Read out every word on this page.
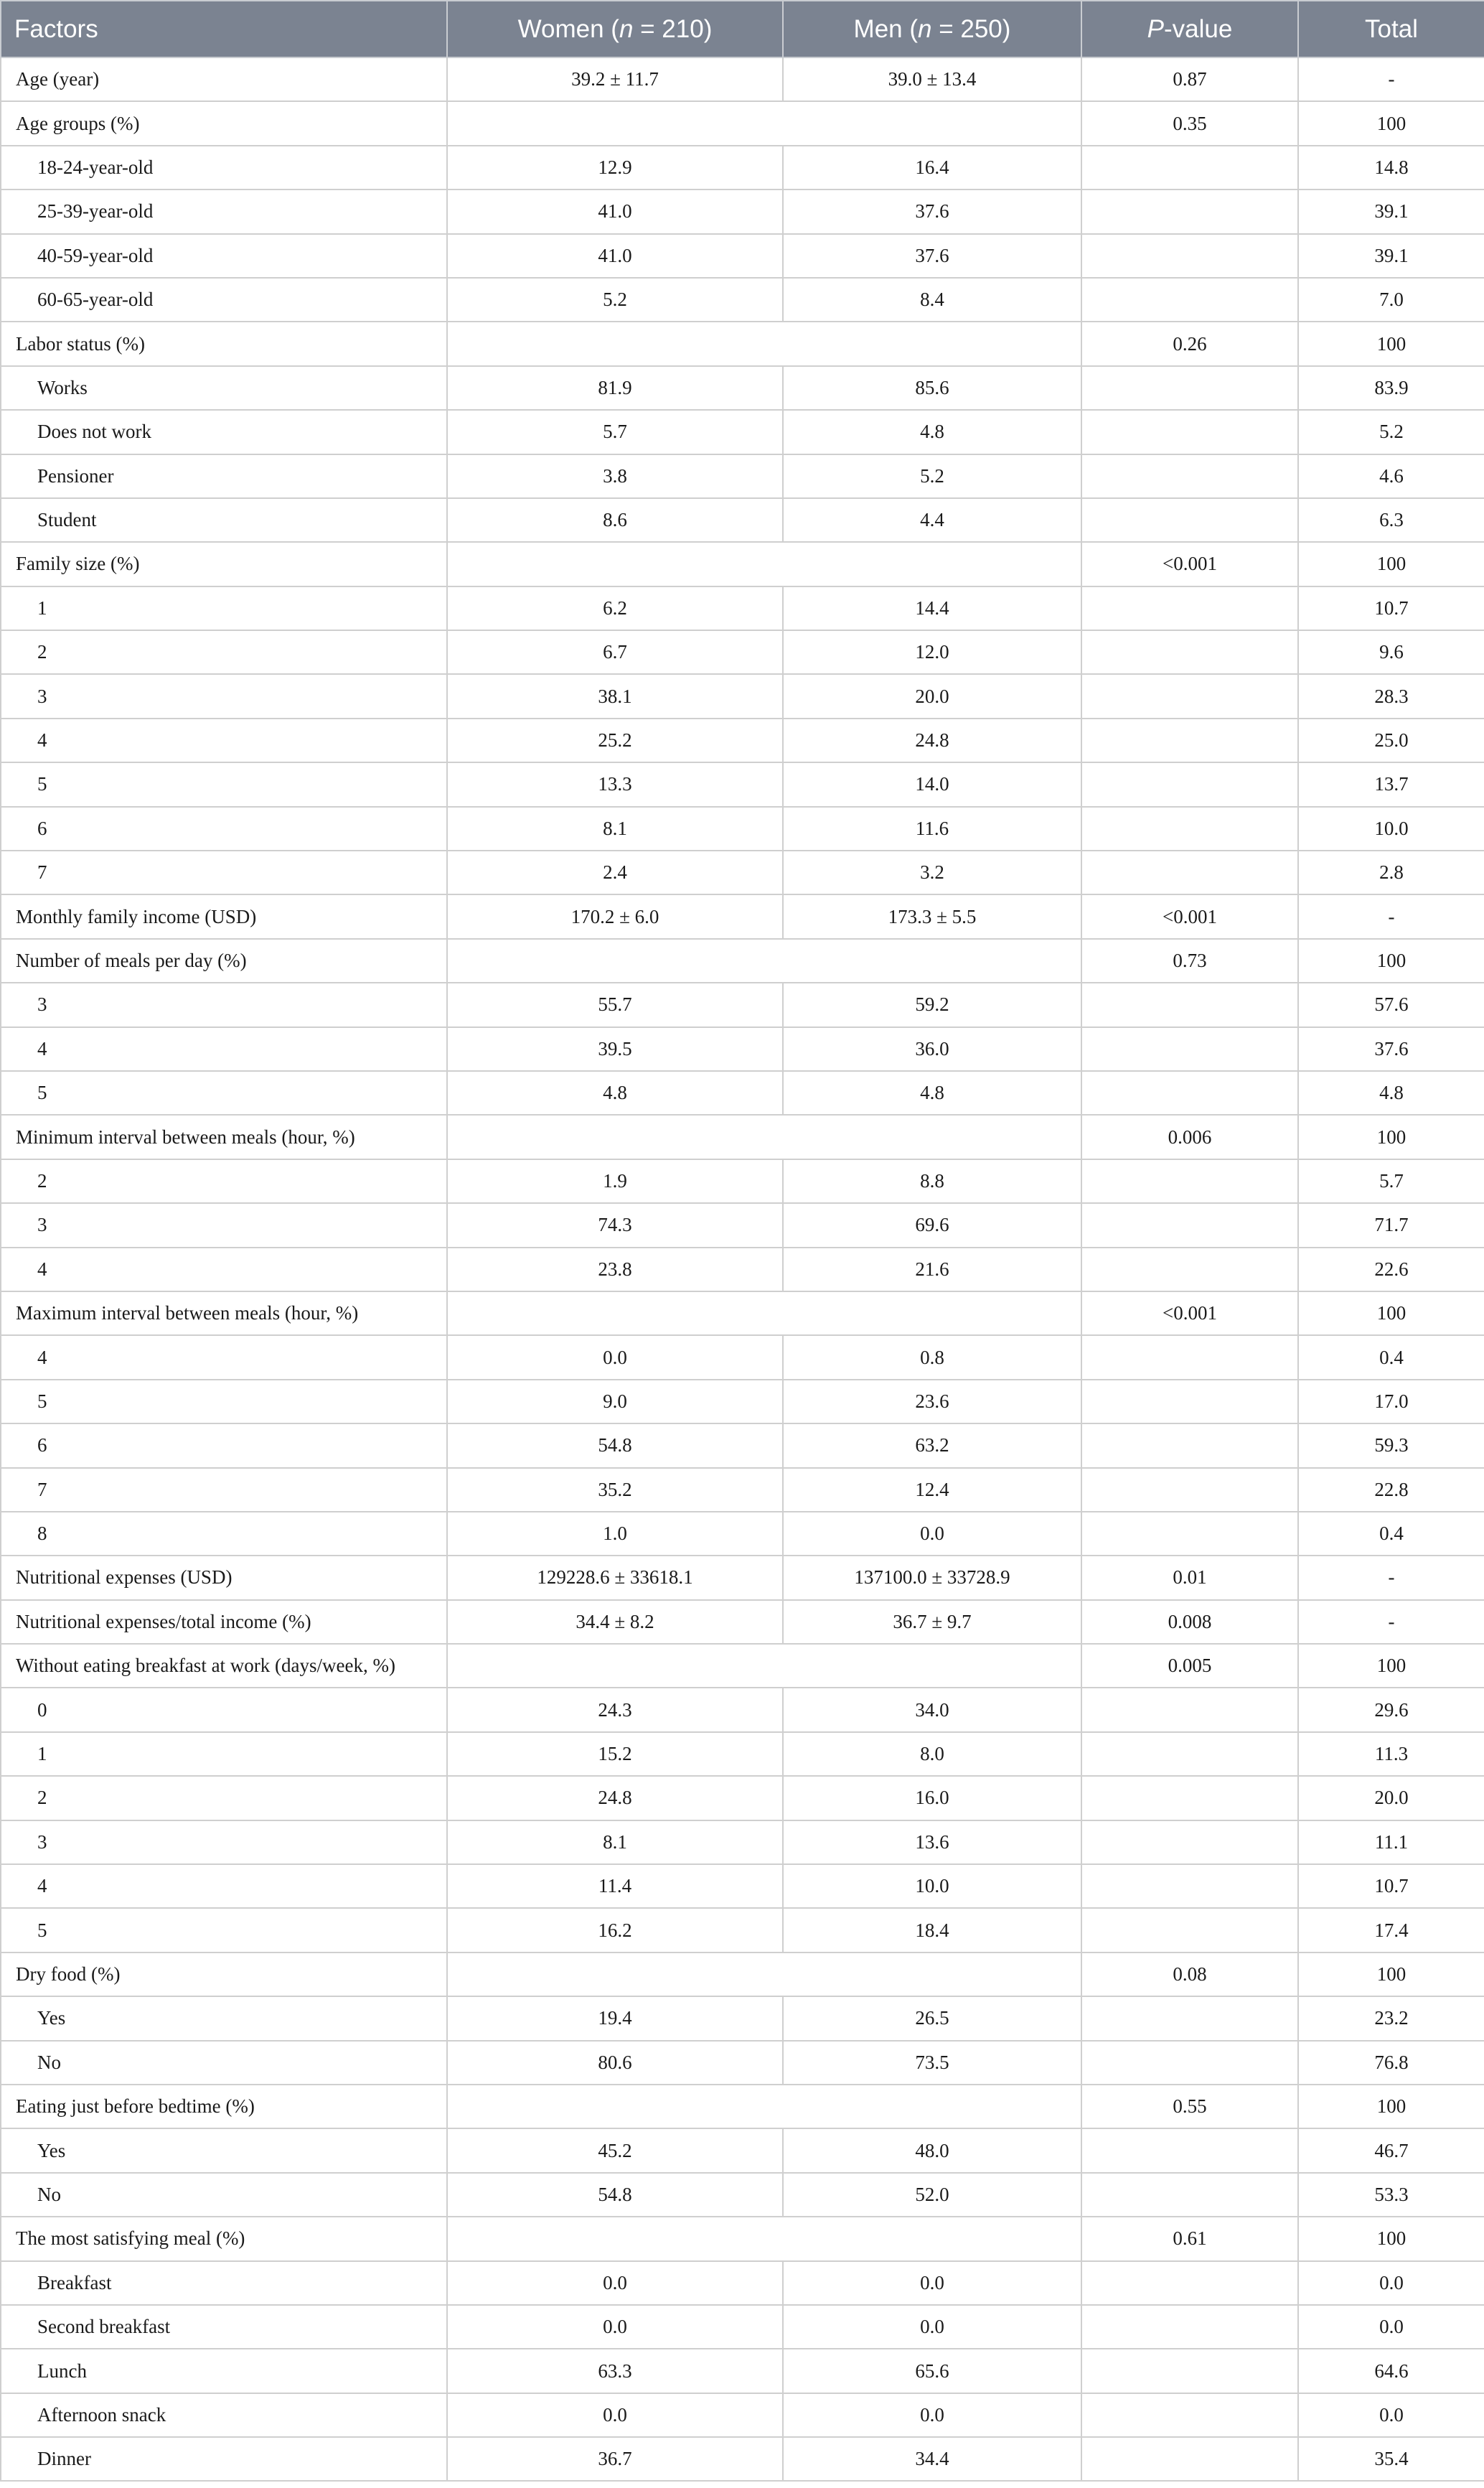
Factors	Women (n = 210)	Men (n = 250)	P-value	Total
Age (year)	39.2 ± 11.7	39.0 ± 13.4	0.87	-
Age groups (%)			0.35	100
18-24-year-old	12.9	16.4		14.8
25-39-year-old	41.0	37.6		39.1
40-59-year-old	41.0	37.6		39.1
60-65-year-old	5.2	8.4		7.0
Labor status (%)			0.26	100
Works	81.9	85.6		83.9
Does not work	5.7	4.8		5.2
Pensioner	3.8	5.2		4.6
Student	8.6	4.4		6.3
Family size (%)			<0.001	100
1	6.2	14.4		10.7
2	6.7	12.0		9.6
3	38.1	20.0		28.3
4	25.2	24.8		25.0
5	13.3	14.0		13.7
6	8.1	11.6		10.0
7	2.4	3.2		2.8
Monthly family income (USD)	170.2 ± 6.0	173.3 ± 5.5	<0.001	-
Number of meals per day (%)			0.73	100
3	55.7	59.2		57.6
4	39.5	36.0		37.6
5	4.8	4.8		4.8
Minimum interval between meals (hour, %)			0.006	100
2	1.9	8.8		5.7
3	74.3	69.6		71.7
4	23.8	21.6		22.6
Maximum interval between meals (hour, %)			<0.001	100
4	0.0	0.8		0.4
5	9.0	23.6		17.0
6	54.8	63.2		59.3
7	35.2	12.4		22.8
8	1.0	0.0		0.4
Nutritional expenses (USD)	129228.6 ± 33618.1	137100.0 ± 33728.9	0.01	-
Nutritional expenses/total income (%)	34.4 ± 8.2	36.7 ± 9.7	0.008	-
Without eating breakfast at work (days/week, %)			0.005	100
0	24.3	34.0		29.6
1	15.2	8.0		11.3
2	24.8	16.0		20.0
3	8.1	13.6		11.1
4	11.4	10.0		10.7
5	16.2	18.4		17.4
Dry food (%)			0.08	100
Yes	19.4	26.5		23.2
No	80.6	73.5		76.8
Eating just before bedtime (%)			0.55	100
Yes	45.2	48.0		46.7
No	54.8	52.0		53.3
The most satisfying meal (%)			0.61	100
Breakfast	0.0	0.0		0.0
Second breakfast	0.0	0.0		0.0
Lunch	63.3	65.6		64.6
Afternoon snack	0.0	0.0		0.0
Dinner	36.7	34.4		35.4
